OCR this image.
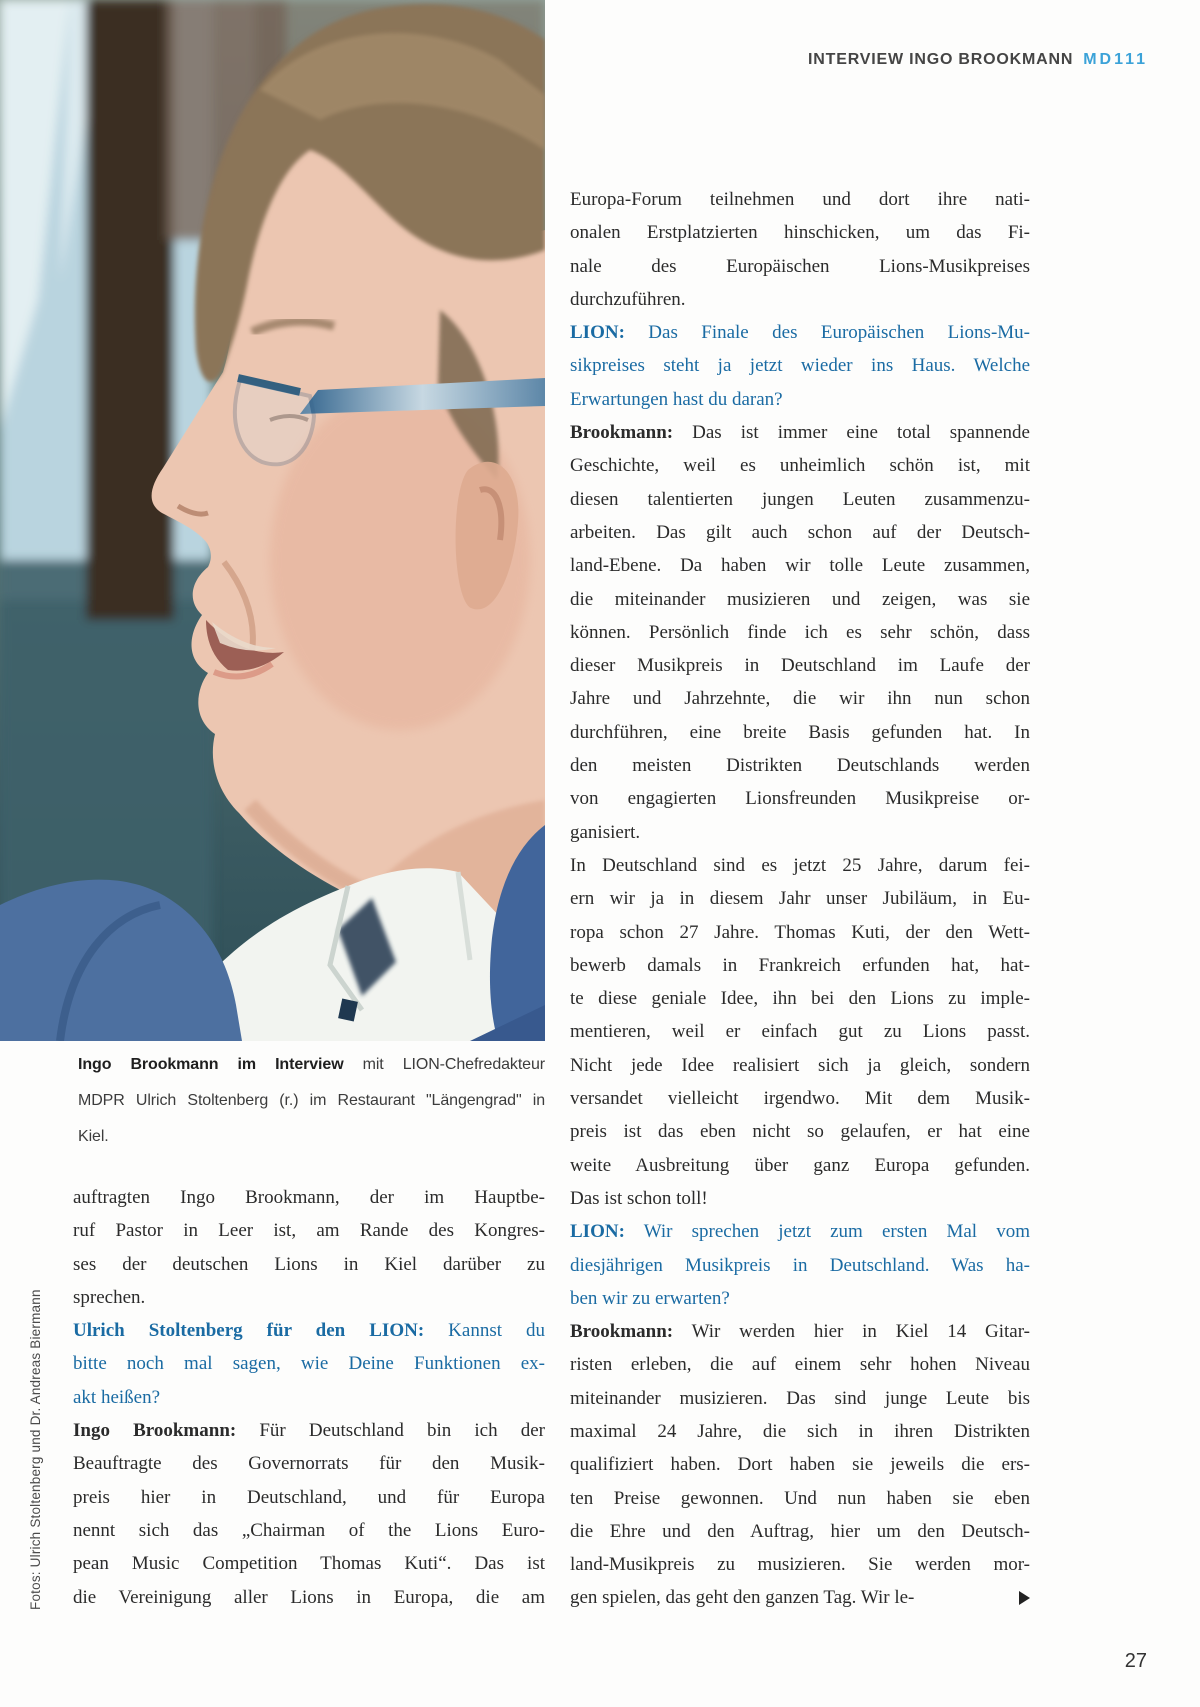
INTERVIEW INGO BROOKMANN MD111
Ingo Brookmann im Interview mit LION-Chefredakteur
MDPR Ulrich Stoltenberg (r.) im Restaurant "Längengrad" in
Kiel.
auftragten Ingo Brookmann, der im Hauptbe-
ruf Pastor in Leer ist, am Rande des Kongres-
ses der deutschen Lions in Kiel darüber zu
sprechen.
Ulrich Stoltenberg für den LION: Kannst du
bitte noch mal sagen, wie Deine Funktionen ex-
akt heißen?
Ingo Brookmann: Für Deutschland bin ich der
Beauftragte des Governorrats für den Musik-
preis hier in Deutschland, und für Europa
nennt sich das „Chairman of the Lions Euro-
pean Music Competition Thomas Kuti“. Das ist
die Vereinigung aller Lions in Europa, die am
Europa-Forum teilnehmen und dort ihre nati-
onalen Erstplatzierten hinschicken, um das Fi-
nale des Europäischen Lions-Musikpreises
durchzuführen.
LION: Das Finale des Europäischen Lions-Mu-
sikpreises steht ja jetzt wieder ins Haus. Welche
Erwartungen hast du daran?
Brookmann: Das ist immer eine total spannende
Geschichte, weil es unheimlich schön ist, mit
diesen talentierten jungen Leuten zusammenzu-
arbeiten. Das gilt auch schon auf der Deutsch-
land-Ebene. Da haben wir tolle Leute zusammen,
die miteinander musizieren und zeigen, was sie
können. Persönlich finde ich es sehr schön, dass
dieser Musikpreis in Deutschland im Laufe der
Jahre und Jahrzehnte, die wir ihn nun schon
durchführen, eine breite Basis gefunden hat. In
den meisten Distrikten Deutschlands werden
von engagierten Lionsfreunden Musikpreise or-
ganisiert.
In Deutschland sind es jetzt 25 Jahre, darum fei-
ern wir ja in diesem Jahr unser Jubiläum, in Eu-
ropa schon 27 Jahre. Thomas Kuti, der den Wett-
bewerb damals in Frankreich erfunden hat, hat-
te diese geniale Idee, ihn bei den Lions zu imple-
mentieren, weil er einfach gut zu Lions passt.
Nicht jede Idee realisiert sich ja gleich, sondern
versandet vielleicht irgendwo. Mit dem Musik-
preis ist das eben nicht so gelaufen, er hat eine
weite Ausbreitung über ganz Europa gefunden.
Das ist schon toll!
LION: Wir sprechen jetzt zum ersten Mal vom
diesjährigen Musikpreis in Deutschland. Was ha-
ben wir zu erwarten?
Brookmann: Wir werden hier in Kiel 14 Gitar-
risten erleben, die auf einem sehr hohen Niveau
miteinander musizieren. Das sind junge Leute bis
maximal 24 Jahre, die sich in ihren Distrikten
qualifiziert haben. Dort haben sie jeweils die ers-
ten Preise gewonnen. Und nun haben sie eben
die Ehre und den Auftrag, hier um den Deutsch-
land-Musikpreis zu musizieren. Sie werden mor-
gen spielen, das geht den ganzen Tag. Wir le-
Fotos: Ulrich Stoltenberg und Dr. Andreas Biermann
27
